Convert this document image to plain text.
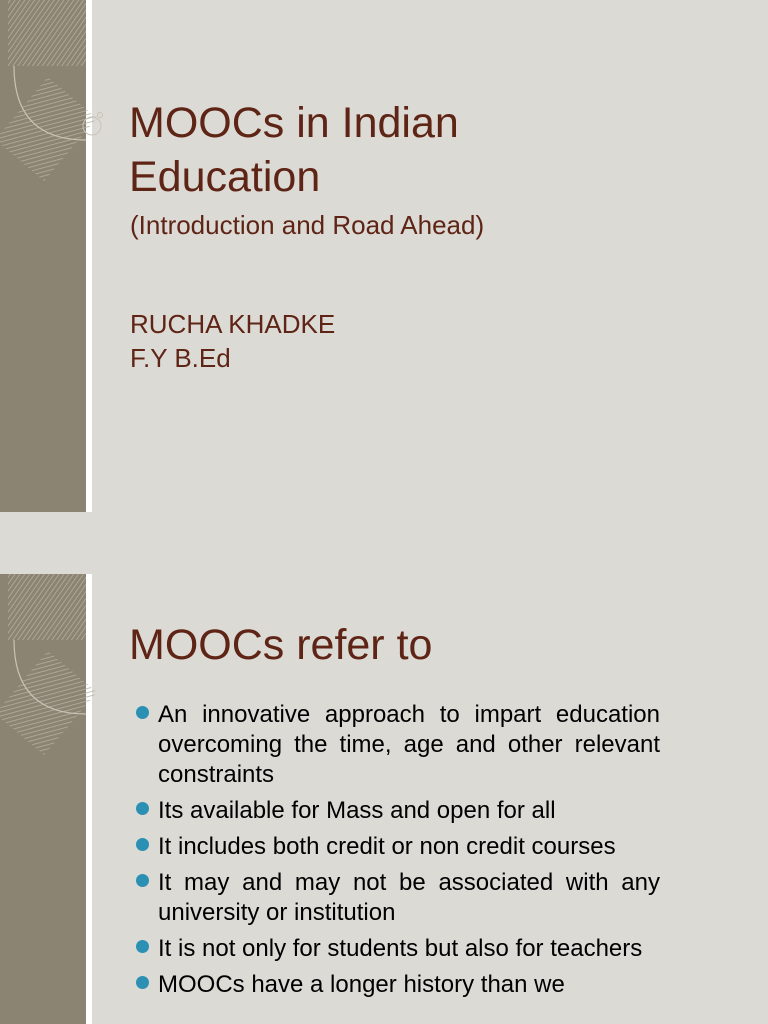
MOOCs in Indian
Education
(Introduction and Road Ahead)
RUCHA KHADKE
F.Y B.Ed
MOOCs refer to
An innovative approach to impart education overcoming the time, age and other relevant constraints
Its available for Mass and open for all
It includes both credit or non credit courses
It may and may not be associated with any university or institution
It is not only for students but also for teachers
MOOCs have a longer history than we
